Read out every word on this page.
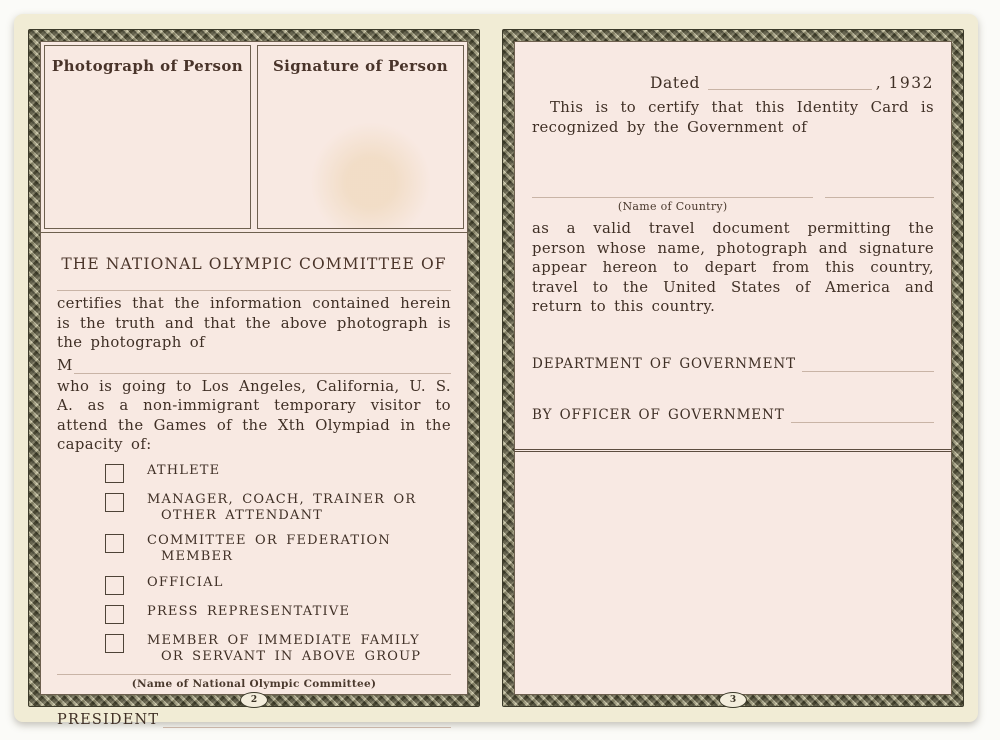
Photograph of Person	Signature of Person
THE NATIONAL OLYMPIC COMMITTEE OF
certifies that the information contained herein is the truth and that the above photograph is the photograph of
M
who is going to Los Angeles, California, U. S. A. as a non-immigrant temporary visitor to attend the Games of the Xth Olympiad in the capacity of:
ATHLETE
MANAGER, COACH, TRAINER OR OTHER ATTENDANT
COMMITTEE OR FEDERATION MEMBER
OFFICIAL
PRESS REPRESENTATIVE
MEMBER OF IMMEDIATE FAMILY OR SERVANT IN ABOVE GROUP
(Name of National Olympic Committee)
PRESIDENT
2
Dated	, 1932
This is to certify that this Identity Card is recognized by the Government of
(Name of Country)
as a valid travel document permitting the person whose name, photograph and signature appear hereon to depart from this country, travel to the United States of America and return to this country.
DEPARTMENT OF GOVERNMENT
BY OFFICER OF GOVERNMENT
3
